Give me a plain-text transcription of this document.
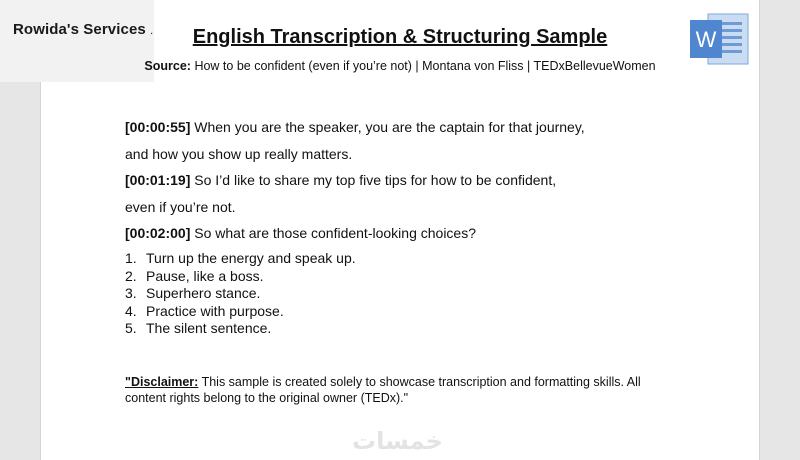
Rowida's Services .	W
English Transcription & Structuring Sample
Source: How to be confident (even if you’re not) | Montana von Fliss | TEDxBellevueWomen
[00:00:55] When you are the speaker, you are the captain for that journey,
and how you show up really matters.
[00:01:19] So I’d like to share my top five tips for how to be confident,
even if you’re not.
[00:02:00] So what are those confident-looking choices?
1. Turn up the energy and speak up.
2. Pause, like a boss.
3. Superhero stance.
4. Practice with purpose.
5. The silent sentence.
"Disclaimer: This sample is created solely to showcase transcription and formatting skills. All content rights belong to the original owner (TEDx)."
خمسات
